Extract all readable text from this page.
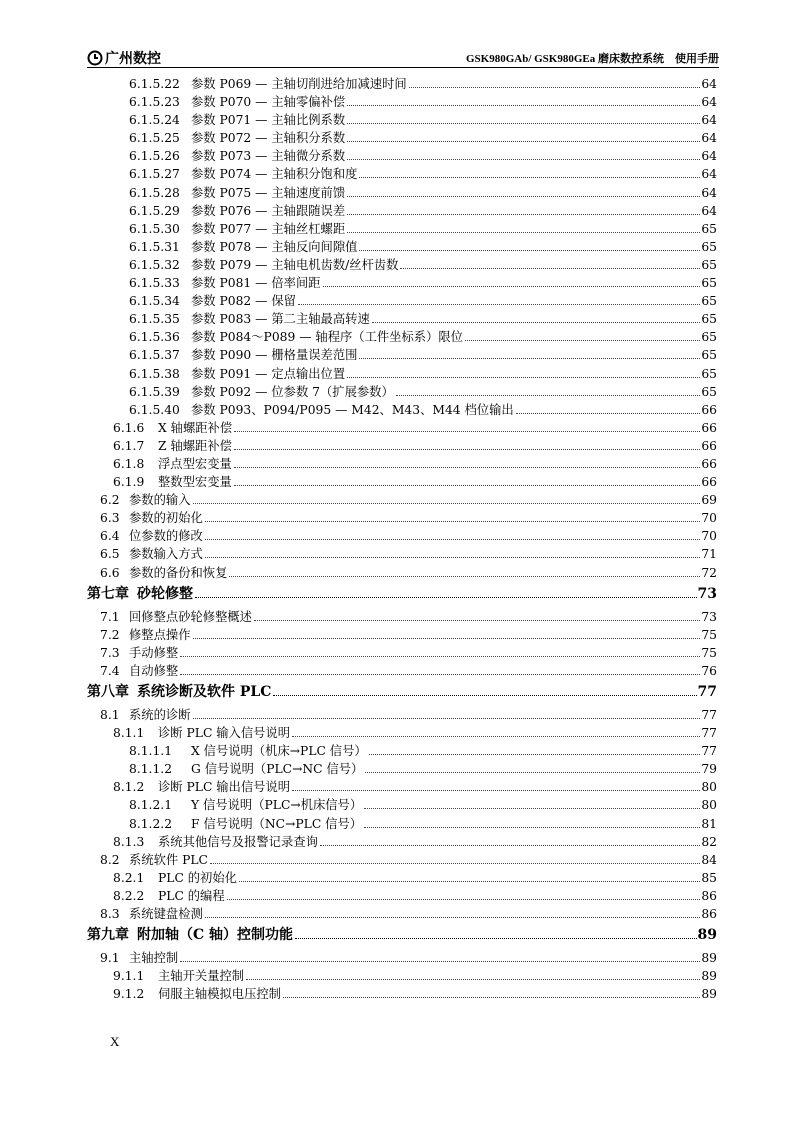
广州数控	GSK980GAb/ GSK980GEa 磨床数控系统　使用手册
6.1.5.22 参数 P069 — 主轴切削进给加减速时间	64
6.1.5.23 参数 P070 — 主轴零偏补偿	64
6.1.5.24 参数 P071 — 主轴比例系数	64
6.1.5.25 参数 P072 — 主轴积分系数	64
6.1.5.26 参数 P073 — 主轴微分系数	64
6.1.5.27 参数 P074 — 主轴积分饱和度	64
6.1.5.28 参数 P075 — 主轴速度前馈	64
6.1.5.29 参数 P076 — 主轴跟随误差	64
6.1.5.30 参数 P077 — 主轴丝杠螺距	65
6.1.5.31 参数 P078 — 主轴反向间隙值	65
6.1.5.32 参数 P079 — 主轴电机齿数/丝杆齿数	65
6.1.5.33 参数 P081 — 倍率间距	65
6.1.5.34 参数 P082 — 保留	65
6.1.5.35 参数 P083 — 第二主轴最高转速	65
6.1.5.36 参数 P084～P089 — 轴程序（工件坐标系）限位	65
6.1.5.37 参数 P090 — 栅格量误差范围	65
6.1.5.38 参数 P091 — 定点输出位置	65
6.1.5.39 参数 P092 — 位参数 7（扩展参数）	65
6.1.5.40 参数 P093、P094/P095 — M42、M43、M44 档位输出	66
6.1.6	X 轴螺距补偿	66
6.1.7	Z 轴螺距补偿	66
6.1.8	浮点型宏变量	66
6.1.9	整数型宏变量	66
6.2 参数的输入	69
6.3 参数的初始化	70
6.4 位参数的修改	70
6.5 参数输入方式	71
6.6 参数的备份和恢复	72
第七章 砂轮修整	73
7.1 回修整点砂轮修整概述	73
7.2 修整点操作	75
7.3 手动修整	75
7.4 自动修整	76
第八章 系统诊断及软件 PLC	77
8.1 系统的诊断	77
8.1.1	诊断 PLC 输入信号说明	77
8.1.1.1	X 信号说明（机床→PLC 信号）	77
8.1.1.2	G 信号说明（PLC→NC 信号）	79
8.1.2	诊断 PLC 输出信号说明	80
8.1.2.1	Y 信号说明（PLC→机床信号）	80
8.1.2.2	F 信号说明（NC→PLC 信号）	81
8.1.3	系统其他信号及报警记录查询	82
8.2 系统软件 PLC	84
8.2.1	PLC 的初始化	85
8.2.2	PLC 的编程	86
8.3 系统键盘检测	86
第九章 附加轴（C 轴）控制功能	89
9.1 主轴控制	89
9.1.1	主轴开关量控制	89
9.1.2	伺服主轴模拟电压控制	89
X
